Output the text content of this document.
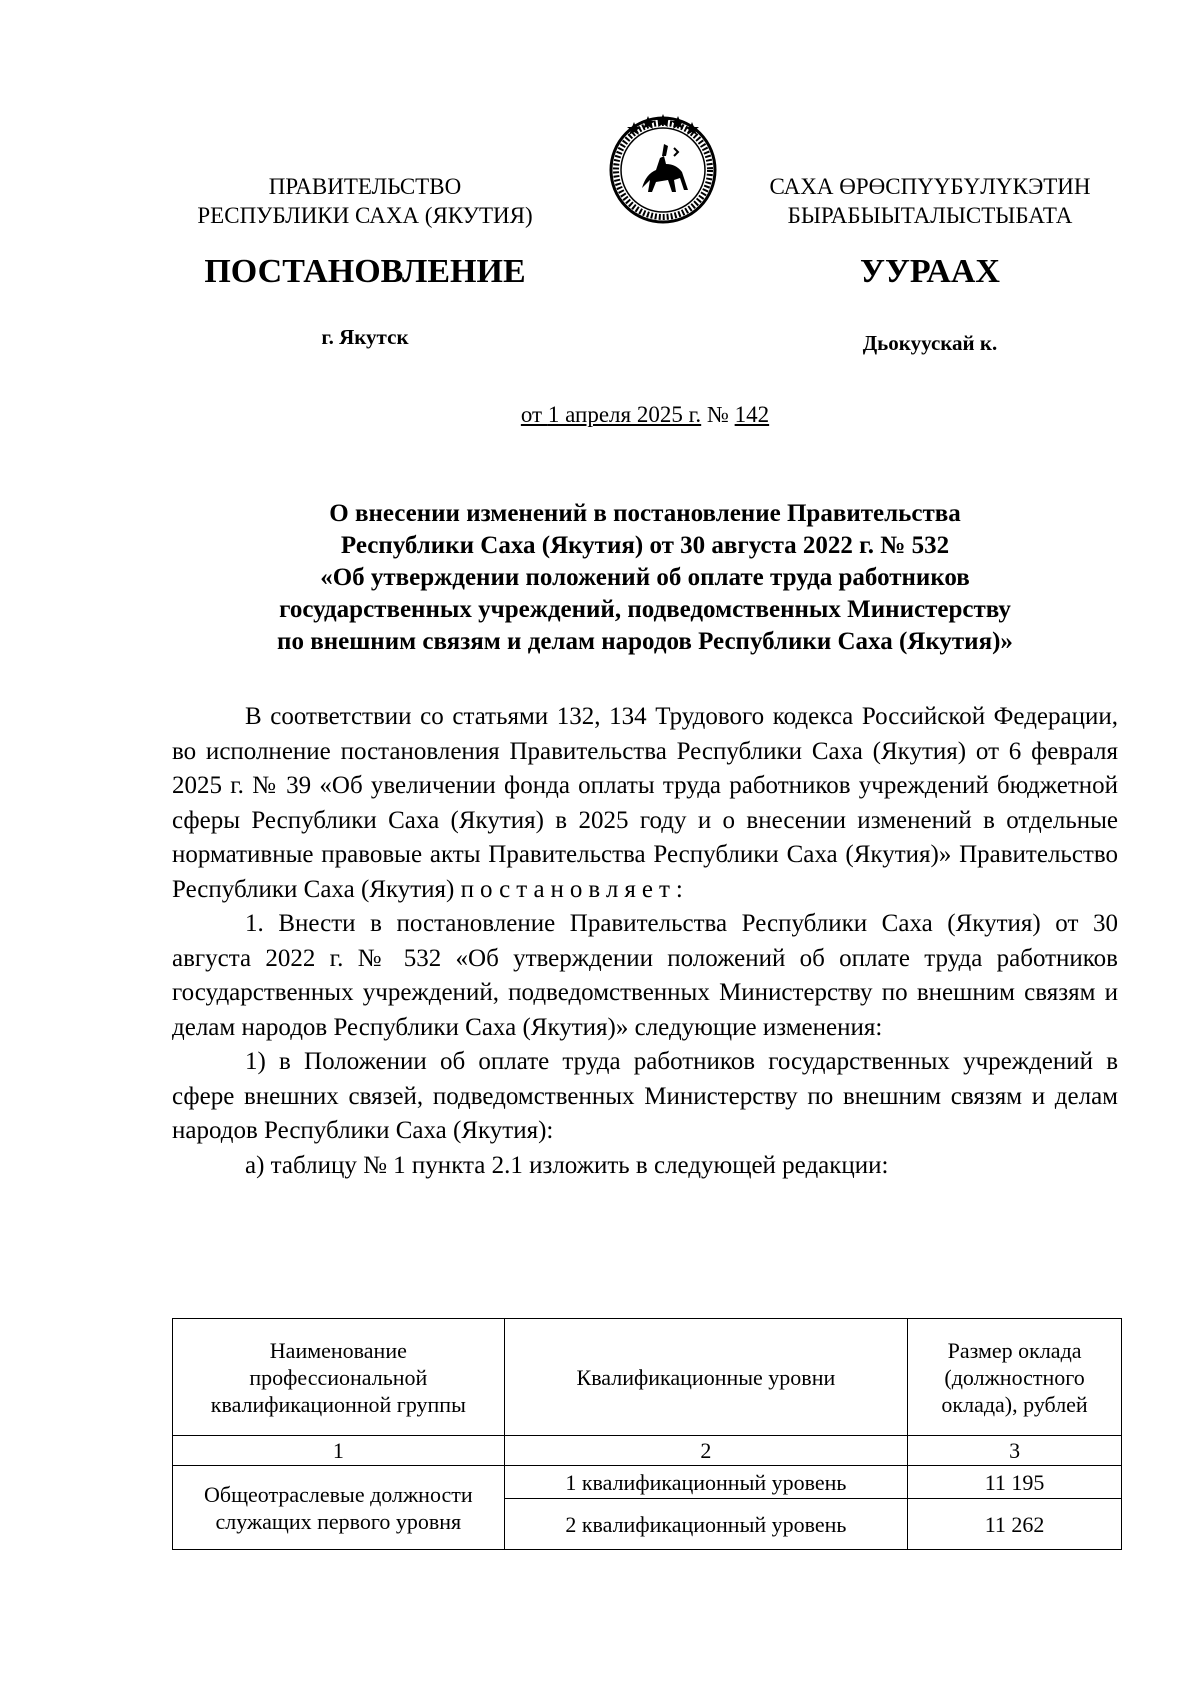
ПРАВИТЕЛЬСТВО
РЕСПУБЛИКИ САХА (ЯКУТИЯ)
САХА ӨРӨСПҮҮБҮЛҮКЭТИН
БЫРАБЫЫТАЛЫСТЫБАТА
ПОСТАНОВЛЕНИЕ	УУРААХ
г. Якутск	Дьокуускай к.
от 1 апреля 2025 г. № 142
О внесении изменений в постановление Правительства
Республики Саха (Якутия) от 30 августа 2022 г. № 532
«Об утверждении положений об оплате труда работников
государственных учреждений, подведомственных Министерству
по внешним связям и делам народов Республики Саха (Якутия)»

В соответствии со статьями 132, 134 Трудового кодекса Российской Федерации, во исполнение постановления Правительства Республики Саха (Якутия) от 6 февраля 2025 г. № 39 «Об увеличении фонда оплаты труда работников учреждений бюджетной сферы Республики Саха (Якутия) в 2025 году и о внесении изменений в отдельные нормативные правовые акты Правительства Республики Саха (Якутия)» Правительство Республики Саха (Якутия) постановляет:

1. Внести в постановление Правительства Республики Саха (Якутия) от 30 августа 2022 г. № 532 «Об утверждении положений об оплате труда работников государственных учреждений, подведомственных Министерству по внешним связям и делам народов Республики Саха (Якутия)» следующие изменения:

1) в Положении об оплате труда работников государственных учреждений в сфере внешних связей, подведомственных Министерству по внешним связям и делам народов Республики Саха (Якутия):

а) таблицу № 1 пункта 2.1 изложить в следующей редакции:

Наименование профессиональной квалификационной группы	Квалификационные уровни	Размер оклада (должностного оклада), рублей
1	2	3
Общеотраслевые должности служащих первого уровня	1 квалификационный уровень	11 195
	2 квалификационный уровень	11 262
